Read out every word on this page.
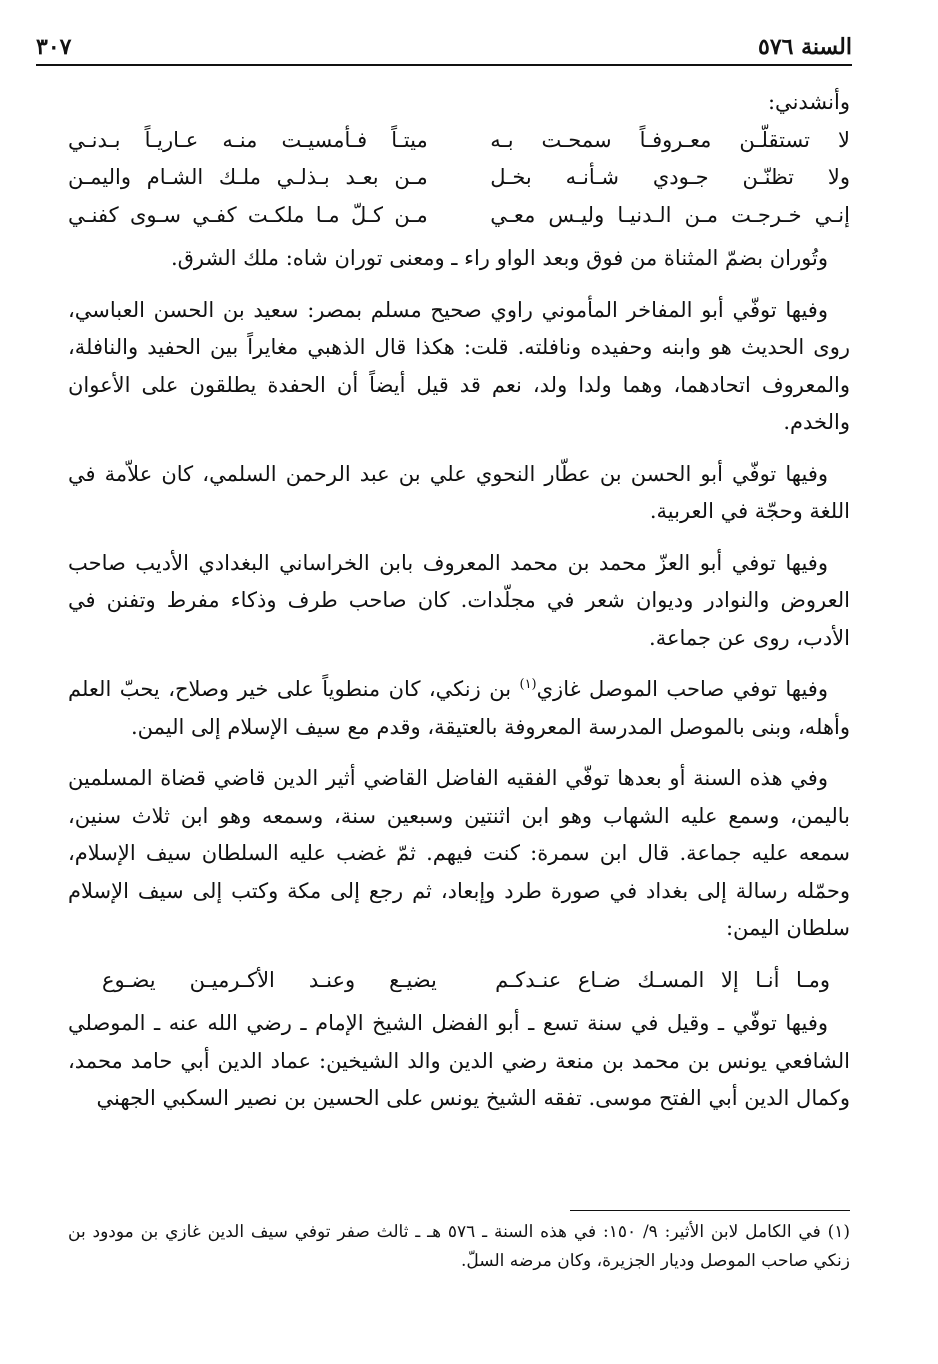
السنة ٥٧٦
٣٠٧

وأنشدني:

لا تستقلّـن معـروفـاً سمحـت بـه
ميتـاً فـأمسيـت منـه عـاريـاً بـدنـي
ولا تظنّـن جـودي شـأنـه بخـل
مـن بعـد بـذلـي ملـك الشـام واليمـن
إنـي خـرجـت مـن الـدنيـا وليـس معـي
مـن كـلّ مـا ملكـت كفـي سـوى كفنـي

وتُوران بضمّ المثناة من فوق وبعد الواو راء ـ ومعنى توران شاه: ملك الشرق.

وفيها توفّي أبو المفاخر المأموني راوي صحيح مسلم بمصر: سعيد بن الحسن العباسي، روى الحديث هو وابنه وحفيده ونافلته. قلت: هكذا قال الذهبي مغايراً بين الحفيد والنافلة، والمعروف اتحادهما، وهما ولدا ولد، نعم قد قيل أيضاً أن الحفدة يطلقون على الأعوان والخدم.

وفيها توفّي أبو الحسن بن عطّار النحوي علي بن عبد الرحمن السلمي، كان علاّمة في اللغة وحجّة في العربية.

وفيها توفي أبو العزّ محمد بن محمد المعروف بابن الخراساني البغدادي الأديب صاحب العروض والنوادر وديوان شعر في مجلّدات. كان صاحب طرف وذكاء مفرط وتفنن في الأدب، روى عن جماعة.

وفيها توفي صاحب الموصل غازي$^{(١)}$ بن زنكي، كان منطوياً على خير وصلاح، يحبّ العلم وأهله، وبنى بالموصل المدرسة المعروفة بالعتيقة، وقدم مع سيف الإسلام إلى اليمن.

وفي هذه السنة أو بعدها توفّي الفقيه الفاضل القاضي أثير الدين قاضي قضاة المسلمين باليمن، وسمع عليه الشهاب وهو ابن اثنتين وسبعين سنة، وسمعه وهو ابن ثلاث سنين، سمعه عليه جماعة. قال ابن سمرة: كنت فيهم. ثمّ غضب عليه السلطان سيف الإسلام، وحمّله رسالة إلى بغداد في صورة طرد وإبعاد، ثم رجع إلى مكة وكتب إلى سيف الإسلام سلطان اليمن:

ومـا أنـا إلا المسـك ضـاع عنـدكـم
يضيـع وعنـد الأكـرميـن يضـوع

وفيها توفّي ـ وقيل في سنة تسع ـ أبو الفضل الشيخ الإمام ـ رضي الله عنه ـ الموصلي الشافعي يونس بن محمد بن منعة رضي الدين والد الشيخين: عماد الدين أبي حامد محمد، وكمال الدين أبي الفتح موسى. تفقه الشيخ يونس على الحسين بن نصير السكبي الجهني

(١) في الكامل لابن الأثير: ٩/ ١٥٠: في هذه السنة ـ ٥٧٦ هـ ـ ثالث صفر توفي سيف الدين غازي بن مودود بن زنكي صاحب الموصل وديار الجزيرة، وكان مرضه السلّ.
